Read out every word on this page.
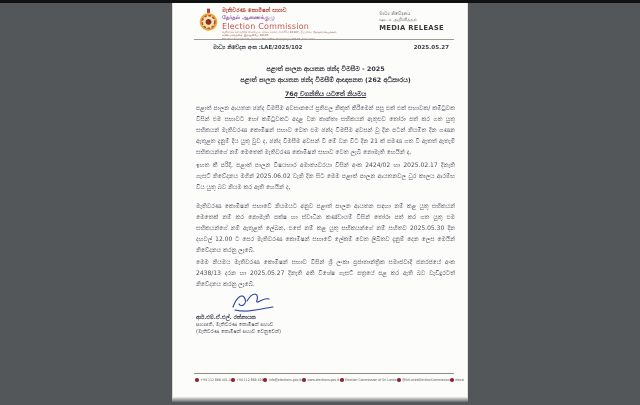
මැතිවරණ කොමිෂන් සභාව
தேர்தல் ஆணைக்குழு
Election Commission
මැතිවරණ මහලේකම් කාර්යාලය, සරණ මාවත, රාජගිරිය 10107, ශ්‍රී ලංකාව. தேர்தல் செயலகம், சரண மாவத்தை, இராஜகிரிய 10107.
Election Secretariat, Sarana Mawatha, Rajagiriya 10107, Sri Lanka.
මාධ්‍ය නිවේදනය
ஊடக அறிவித்தல்
MEDIA RELEASE
මාධ්‍ය නිවේදන අංක :LAE/2025/102	2025.05.27
පළාත් පාලන ආයතන ඡන්ද විමසීම - 2025
පළාත් පාලන ආයතන ඡන්ද විමසීම් ආඥාපනත (262 අධිකාරය)
76අ වගන්තිය යටතේ නියමය

පළාත් පාලන ආයතන ඡන්ද විමසීම අවසානයේ ප්‍රතිඵල නිකුත් කිරීමෙන් පසු එක් එක් සභාවක/ කමිටුවක විසින් එම සභාවට හෝ කමිටුවකට අදාළ වන කාන්තා සභිකයන් ඇතුළුව තෝරා පත් කර ගත යුතු සභිකයන් මැතිවරණ කොමිෂන් සභාව වෙත එම ඡන්ද විමසීම අවසන් වූ දින පටන් නියමිත දින ගණන ඇතුළත දැනුම් දිය යුතු වුව ද, ඡන්ද විමසීම අවසන් වී මේ වන විට දින 21 ක් පමණ ගත වී ඇතත් ඇතැම් සභිකයන්ගේ නම් මෙතෙක් මැතිවරණ කොමිෂන් සභාව වෙත ලැබී නොමැති හෙයින් ද,

ඉහත කී පරිදි, පළාත් පාලන විෂයභාර අමාත්‍යවරයා විසින් අංක 2424/02 හා 2025.02.17 දිනැති ගැසට් නිවේදනය මගින් 2025.06.02 වැනි දින සිට මෙම පළාත් පාලන ආයතනවල ධුර කාලය ආරම්භ විය යුතු බව නියම කර ඇති හෙයින් ද,

මැතිවරණ කොමිෂන් සභාවේ නියමයට අනුව පළාත් පාලන ආයතන සඳහා නම් කළ යුතු සභිකයන් මෙතෙක් නම් කර නොමැති පක්ෂ හා ස්වාධීන කණ්ඩායම් විසින් තෝරා පත් කර ගත යුතු එම සභිකයන්ගේ නම් ඇතුළත් ලේඛන, එසේ නම් කළ යුතු සභිකයන්ගේ නම් සහිතව 2025.05.30 දින දහවල් 12.00 ට පෙර මැතිවරණ කොමිෂන් සභාවේ ලේකම් වෙත ලිඛිතව දැනුම් දෙන ලෙස මෙයින් නිවේදනය කරනු ලැබේ.

මෙම නියමය මැතිවරණ කොමිෂන් සභාව විසින් ශ්‍රී ලංකා ප්‍රජාතාන්ත්‍රික සමාජවාදී ජනරජයේ අංක 2438/13 දරන හා 2025.05.27 දිනැති අති විශේෂ ගැසට් පත්‍රයේ පළ කර ඇති බව වැඩිදුරටත් නිවේදනය කරනු ලැබේ.

ආර්.එම්.ඒ.එල්. රත්නායක
සභාපති, මැතිවරණ කොමිෂන් සභාව
(මැතිවරණ කොමිෂන් සභාව වෙනුවෙන්)
+94 112 868 441-3 +94 112 868 426 info@elections.gov.lk www.elections.gov.lk Election Commission of Sri Lanka @SriLankaElectionCommission elecsl
